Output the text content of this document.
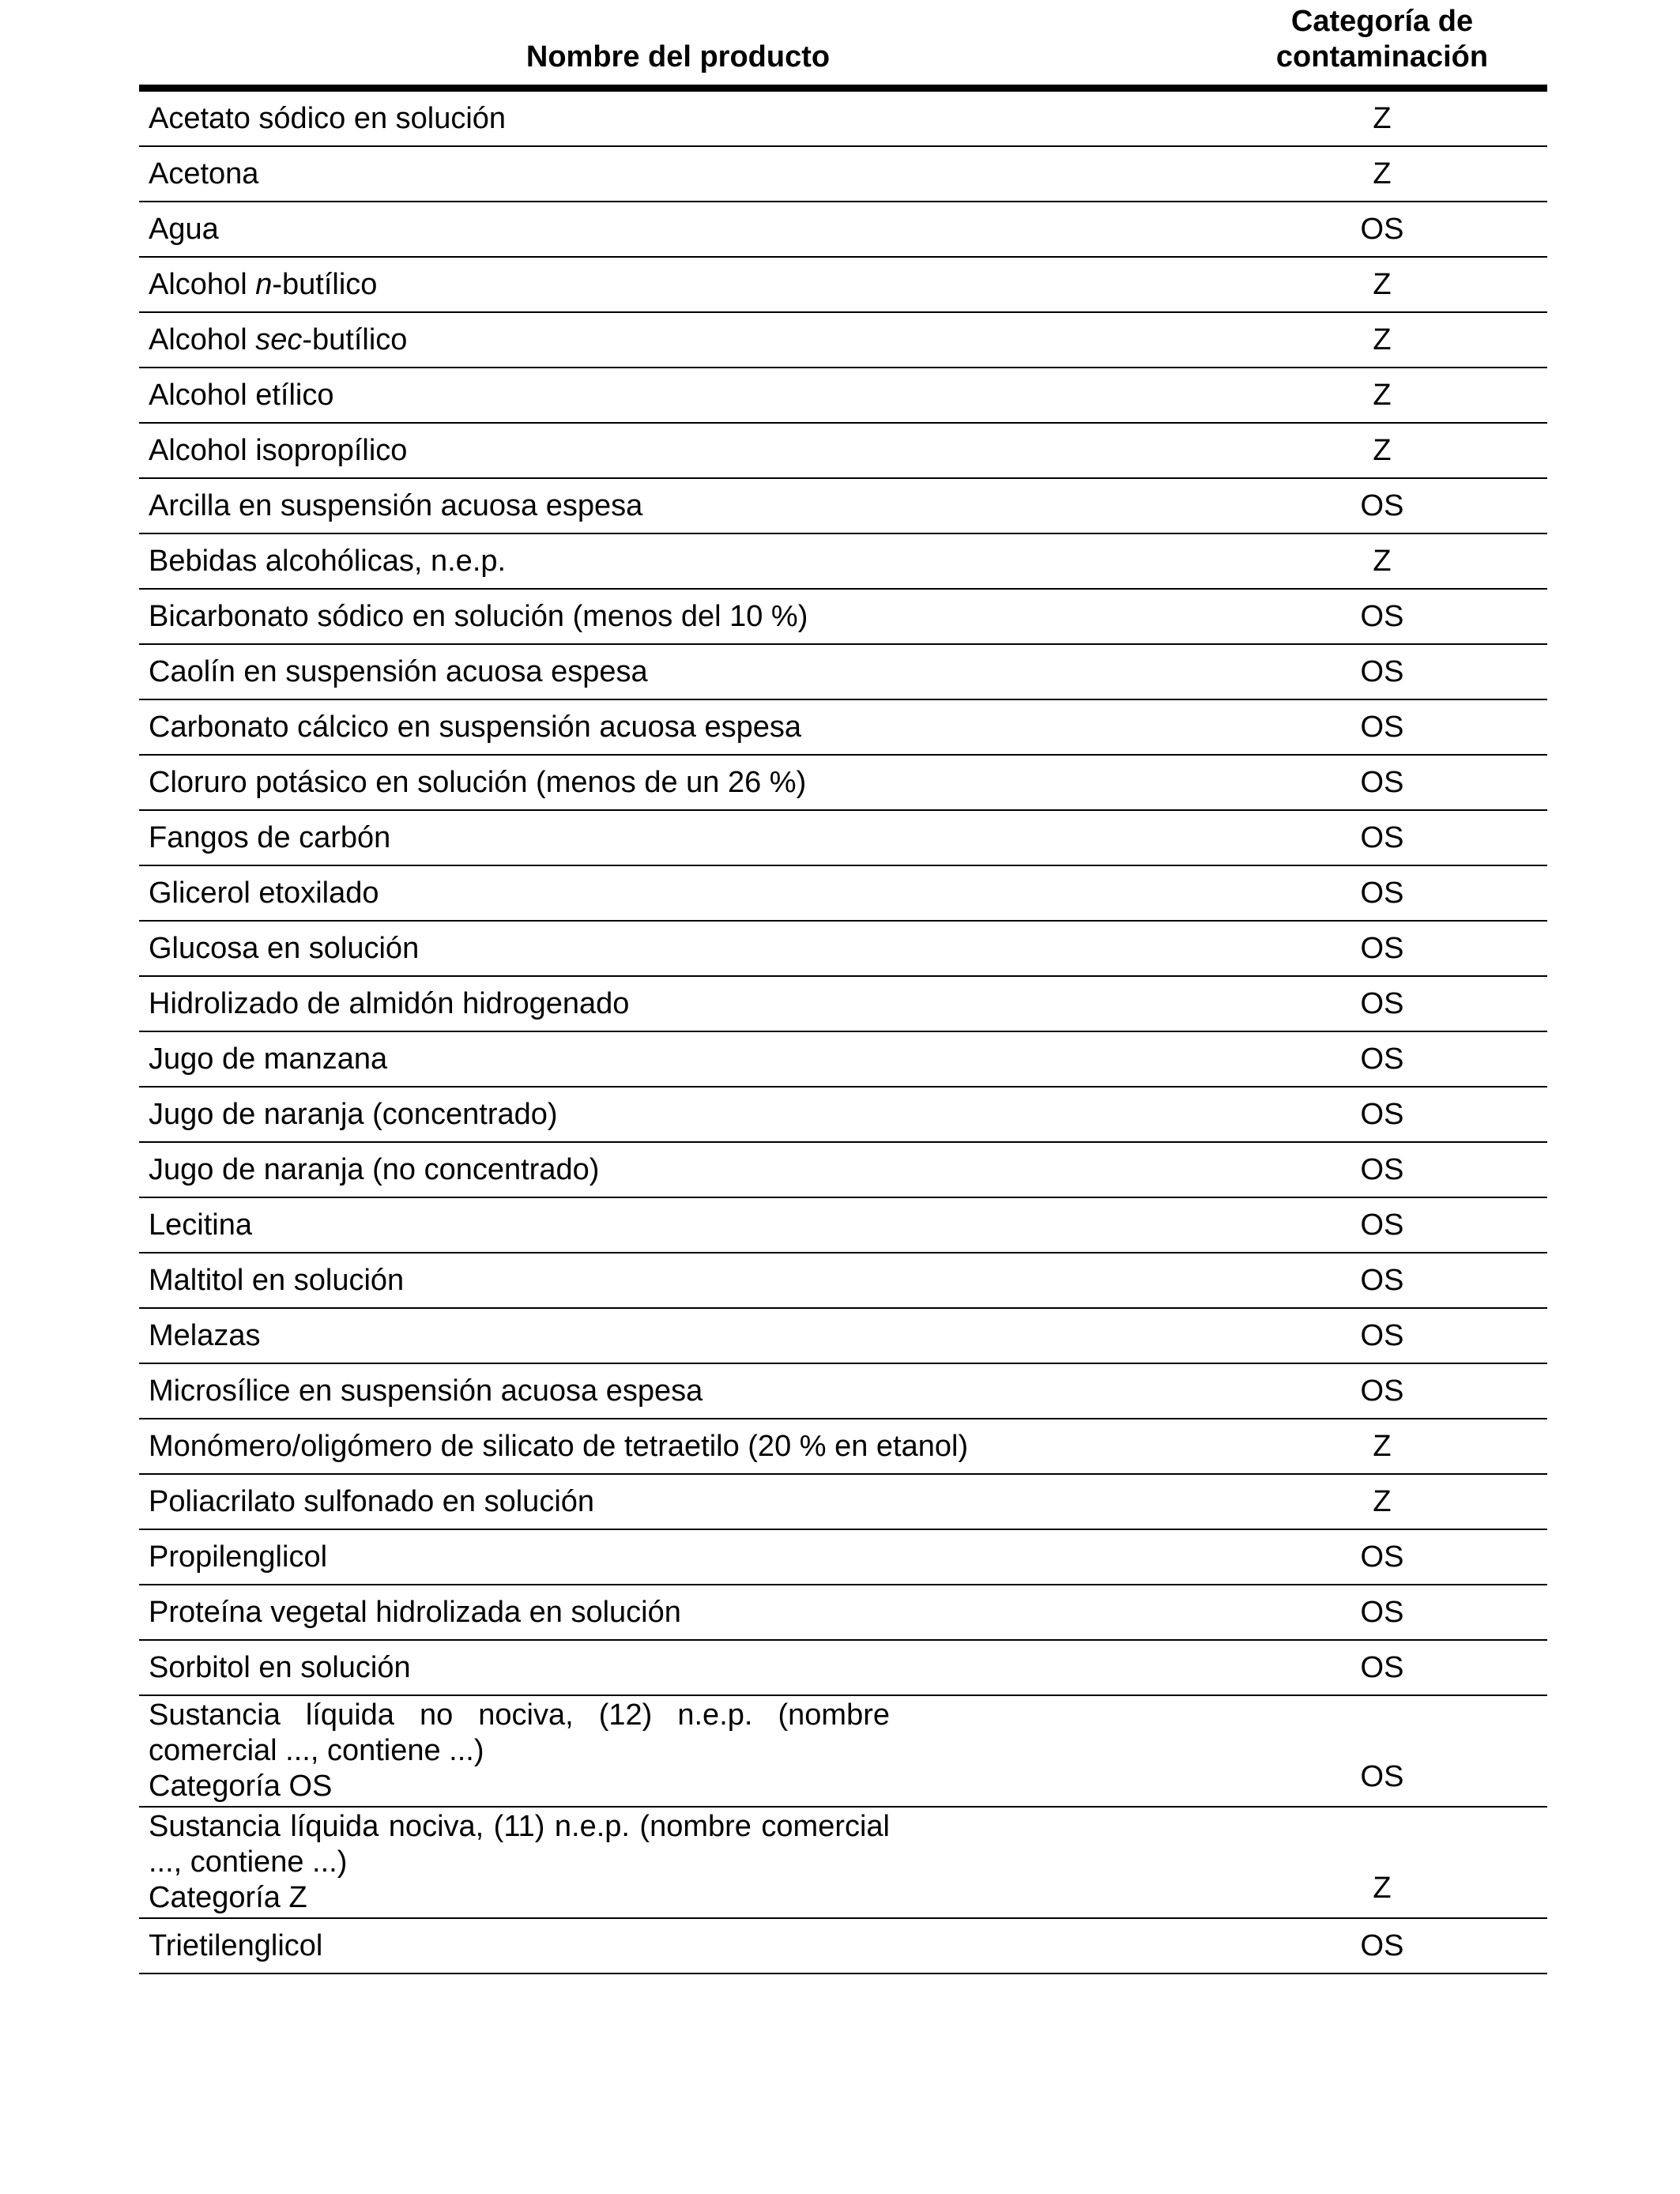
Nombre del producto	Categoría de
contaminación

Acetato sódico en solución	Z
Acetona	Z
Agua	OS
Alcohol n-butílico	Z
Alcohol sec-butílico	Z
Alcohol etílico	Z
Alcohol isopropílico	Z
Arcilla en suspensión acuosa espesa	OS
Bebidas alcohólicas, n.e.p.	Z
Bicarbonato sódico en solución (menos del 10 %)	OS
Caolín en suspensión acuosa espesa	OS
Carbonato cálcico en suspensión acuosa espesa	OS
Cloruro potásico en solución (menos de un 26 %)	OS
Fangos de carbón	OS
Glicerol etoxilado	OS
Glucosa en solución	OS
Hidrolizado de almidón hidrogenado	OS
Jugo de manzana	OS
Jugo de naranja (concentrado)	OS
Jugo de naranja (no concentrado)	OS
Lecitina	OS
Maltitol en solución	OS
Melazas	OS
Microsílice en suspensión acuosa espesa	OS
Monómero/oligómero de silicato de tetraetilo (20 % en etanol)	Z
Poliacrilato sulfonado en solución	Z
Propilenglicol	OS
Proteína vegetal hidrolizada en solución	OS
Sorbitol en solución	OS

Sustancia líquida no nociva, (12) n.e.p. (nombre comercial ..., contiene ...)
Categoría OS	OS

Sustancia líquida nociva, (11) n.e.p. (nombre comercial ..., contiene ...)
Categoría Z	Z
Trietilenglicol	OS
